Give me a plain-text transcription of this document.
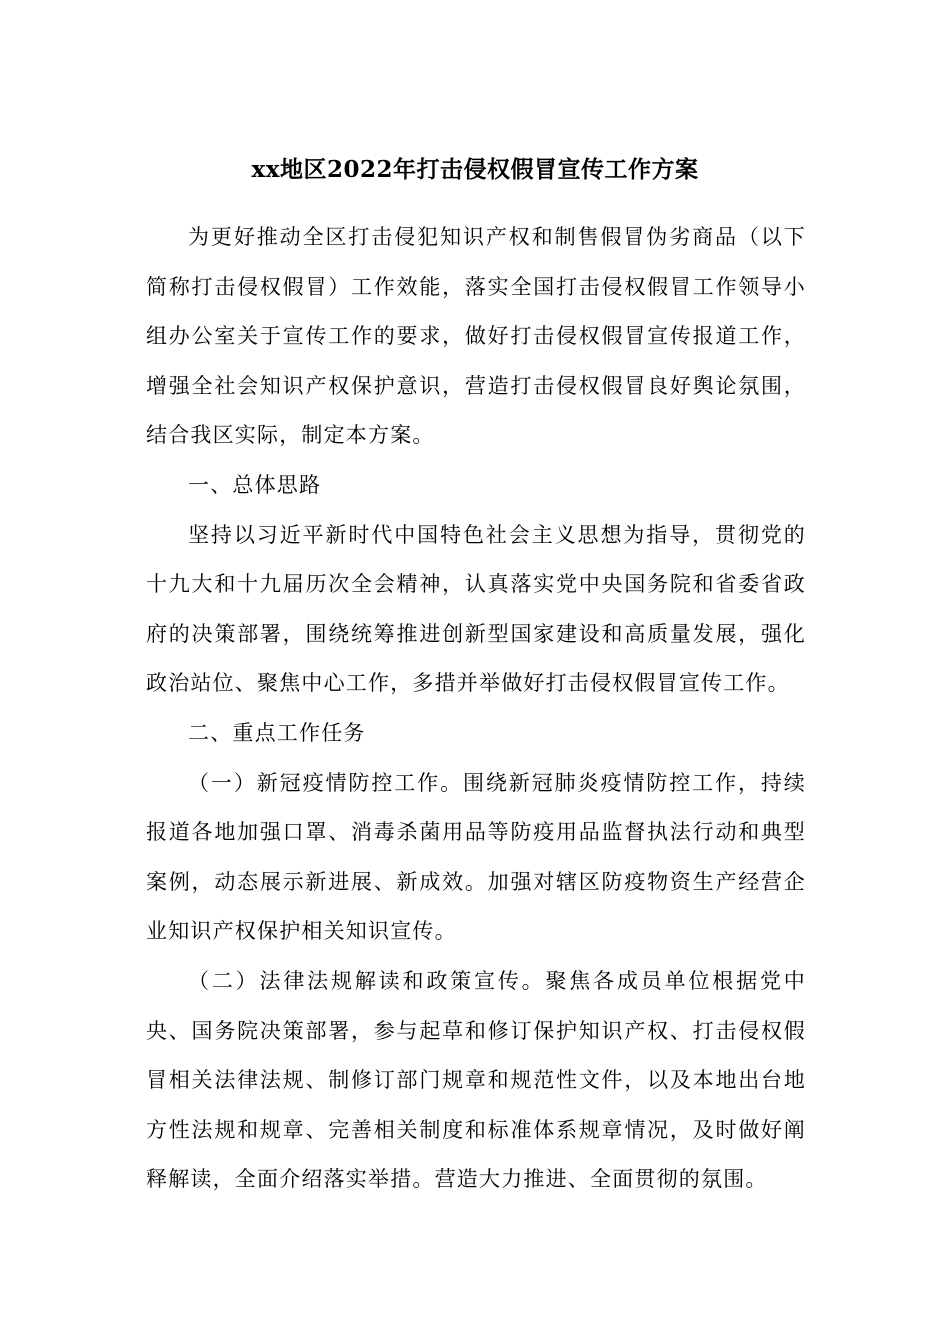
xx地区2022年打击侵权假冒宣传工作方案

为更好推动全区打击侵犯知识产权和制售假冒伪劣商品（以下简称打击侵权假冒）工作效能，落实全国打击侵权假冒工作领导小组办公室关于宣传工作的要求，做好打击侵权假冒宣传报道工作，增强全社会知识产权保护意识，营造打击侵权假冒良好舆论氛围，结合我区实际，制定本方案。

一、总体思路

坚持以习近平新时代中国特色社会主义思想为指导，贯彻党的十九大和十九届历次全会精神，认真落实党中央国务院和省委省政府的决策部署，围绕统筹推进创新型国家建设和高质量发展，强化政治站位、聚焦中心工作，多措并举做好打击侵权假冒宣传工作。

二、重点工作任务

（一）新冠疫情防控工作。围绕新冠肺炎疫情防控工作，持续报道各地加强口罩、消毒杀菌用品等防疫用品监督执法行动和典型案例，动态展示新进展、新成效。加强对辖区防疫物资生产经营企业知识产权保护相关知识宣传。

（二）法律法规解读和政策宣传。聚焦各成员单位根据党中央、国务院决策部署，参与起草和修订保护知识产权、打击侵权假冒相关法律法规、制修订部门规章和规范性文件，以及本地出台地方性法规和规章、完善相关制度和标准体系规章情况，及时做好阐释解读，全面介绍落实举措。营造大力推进、全面贯彻的氛围。
